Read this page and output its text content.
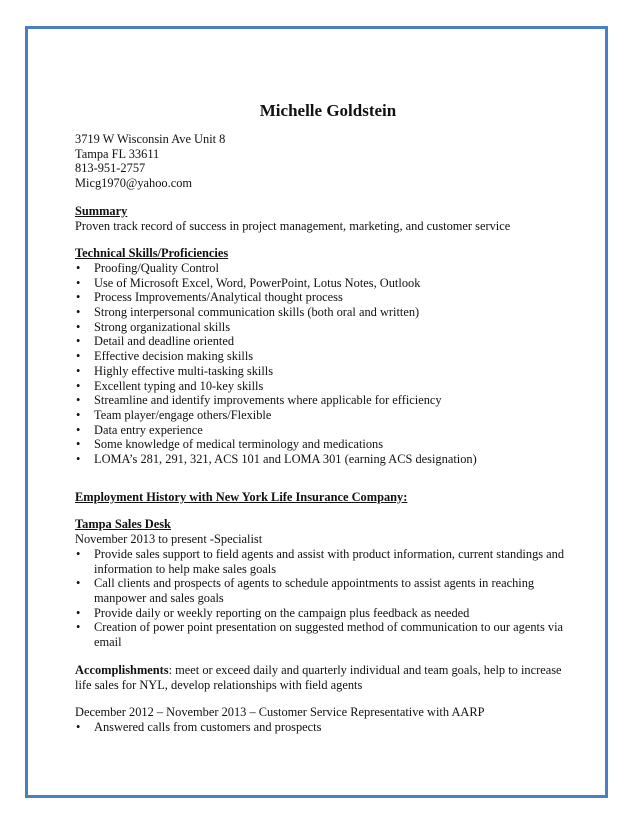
Michelle Goldstein
3719 W Wisconsin Ave Unit 8
Tampa FL 33611
813-951-2757
Micg1970@yahoo.com
Summary
Proven track record of success in project management, marketing, and customer service
Technical Skills/Proficiencies
• Proofing/Quality Control
• Use of Microsoft Excel, Word, PowerPoint, Lotus Notes, Outlook
• Process Improvements/Analytical thought process
• Strong interpersonal communication skills (both oral and written)
• Strong organizational skills
• Detail and deadline oriented
• Effective decision making skills
• Highly effective multi-tasking skills
• Excellent typing and 10-key skills
• Streamline and identify improvements where applicable for efficiency
• Team player/engage others/Flexible
• Data entry experience
• Some knowledge of medical terminology and medications
• LOMA’s 281, 291, 321, ACS 101 and LOMA 301 (earning ACS designation)
Employment History with New York Life Insurance Company:
Tampa Sales Desk
November 2013 to present -Specialist
• Provide sales support to field agents and assist with product information, current standings and information to help make sales goals
• Call clients and prospects of agents to schedule appointments to assist agents in reaching manpower and sales goals
• Provide daily or weekly reporting on the campaign plus feedback as needed
• Creation of power point presentation on suggested method of communication to our agents via email
Accomplishments: meet or exceed daily and quarterly individual and team goals, help to increase life sales for NYL, develop relationships with field agents
December 2012 – November 2013 – Customer Service Representative with AARP
• Answered calls from customers and prospects
